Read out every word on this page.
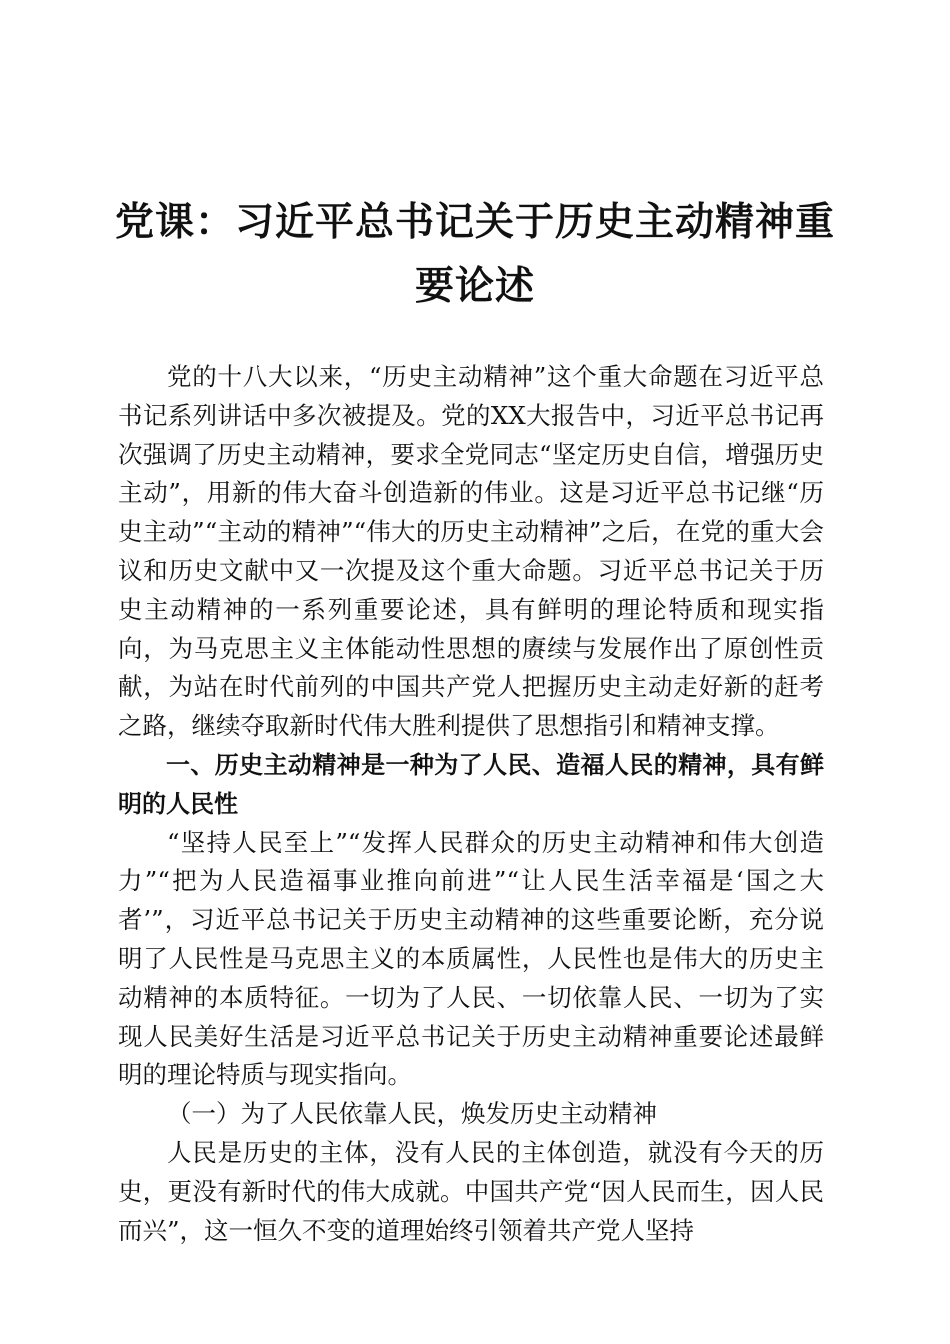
党课：习近平总书记关于历史主动精神重要论述

党的十八大以来，“历史主动精神”这个重大命题在习近平总书记系列讲话中多次被提及。党的XX大报告中，习近平总书记再次强调了历史主动精神，要求全党同志“坚定历史自信，增强历史主动”，用新的伟大奋斗创造新的伟业。这是习近平总书记继“历史主动”“主动的精神”“伟大的历史主动精神”之后，在党的重大会议和历史文献中又一次提及这个重大命题。习近平总书记关于历史主动精神的一系列重要论述，具有鲜明的理论特质和现实指向，为马克思主义主体能动性思想的赓续与发展作出了原创性贡献，为站在时代前列的中国共产党人把握历史主动走好新的赶考之路，继续夺取新时代伟大胜利提供了思想指引和精神支撑。

一、历史主动精神是一种为了人民、造福人民的精神，具有鲜明的人民性

“坚持人民至上”“发挥人民群众的历史主动精神和伟大创造力”“把为人民造福事业推向前进”“让人民生活幸福是‘国之大者’”，习近平总书记关于历史主动精神的这些重要论断，充分说明了人民性是马克思主义的本质属性，人民性也是伟大的历史主动精神的本质特征。一切为了人民、一切依靠人民、一切为了实现人民美好生活是习近平总书记关于历史主动精神重要论述最鲜明的理论特质与现实指向。

（一）为了人民依靠人民，焕发历史主动精神

人民是历史的主体，没有人民的主体创造，就没有今天的历史，更没有新时代的伟大成就。中国共产党“因人民而生，因人民而兴”，这一恒久不变的道理始终引领着共产党人坚持
